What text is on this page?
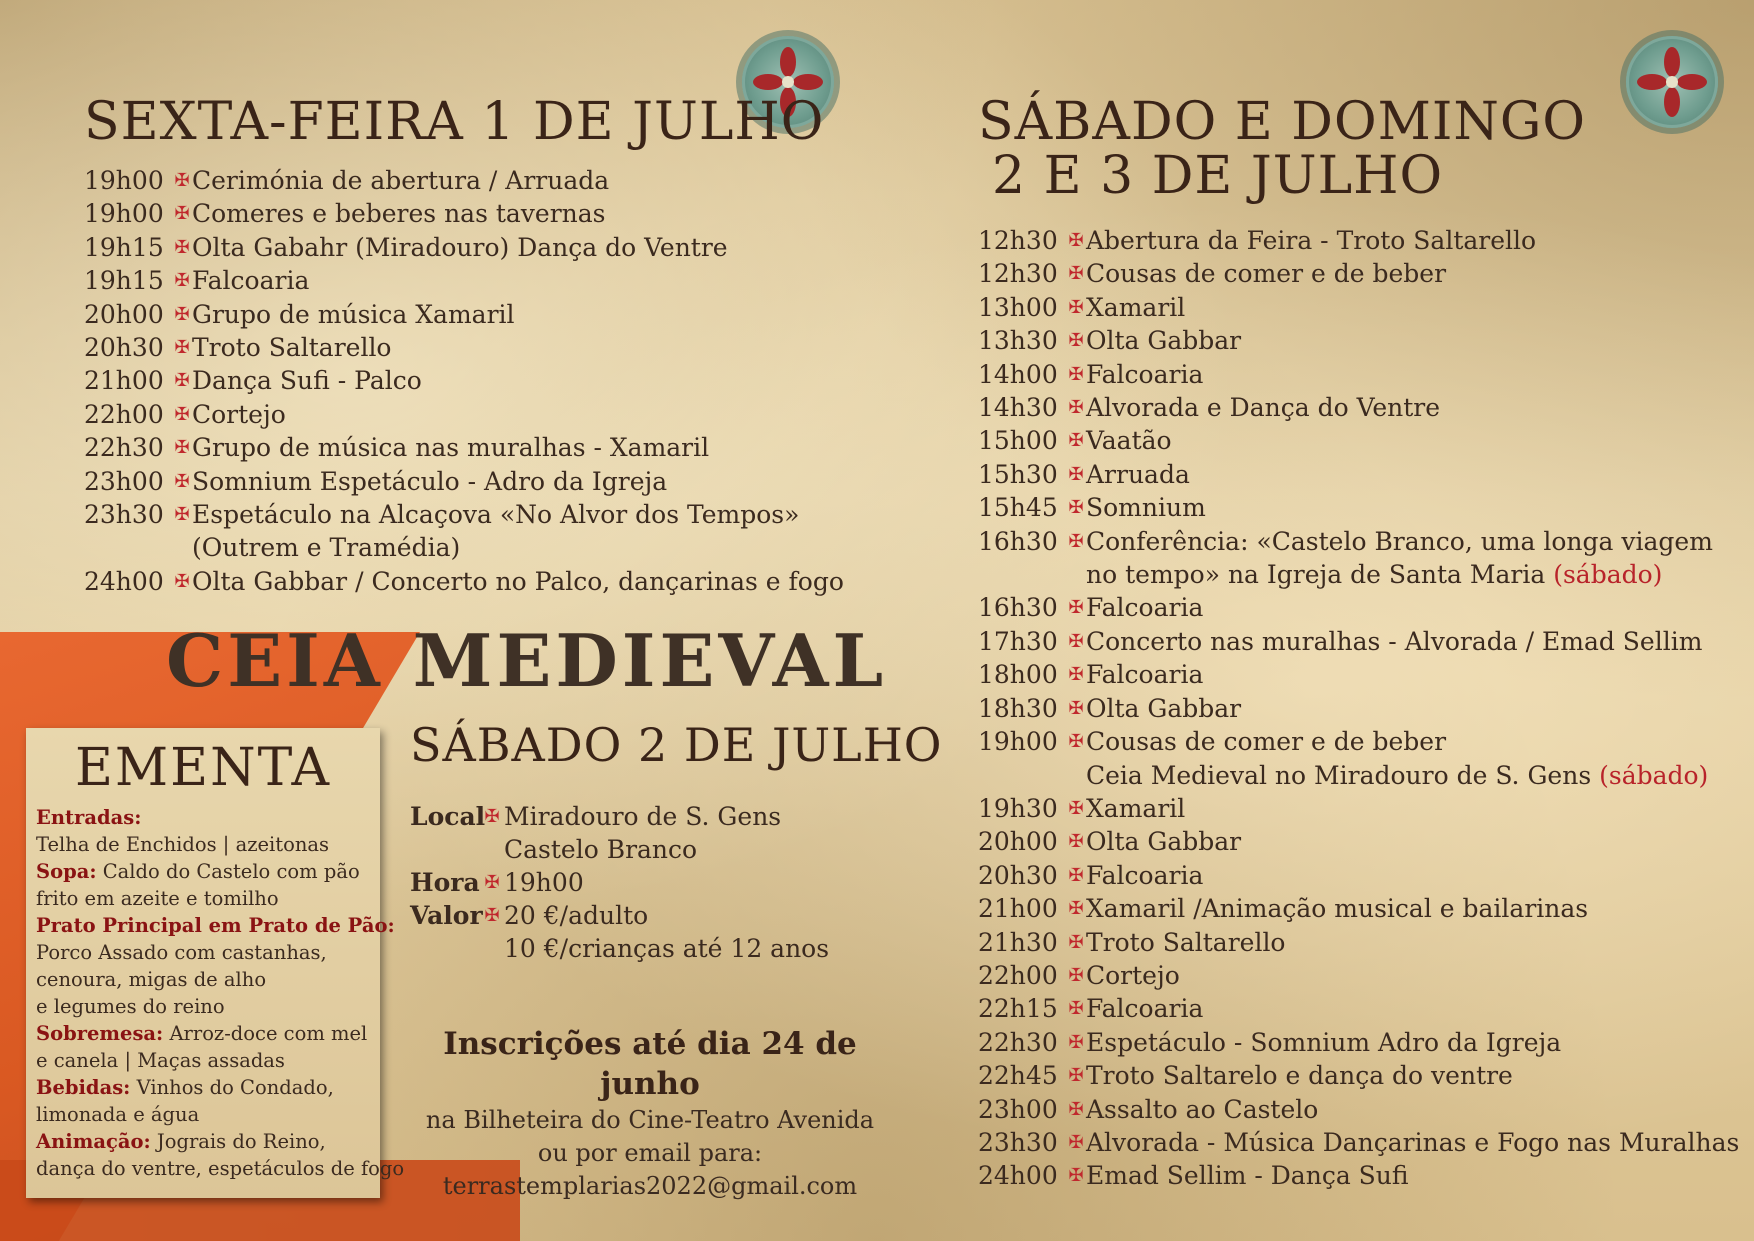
SEXTA-FEIRA 1 DE JULHO
19h00 ✠ Cerimónia de abertura / Arruada
19h00 ✠ Comeres e beberes nas tavernas
19h15 ✠ Olta Gabahr (Miradouro) Dança do Ventre
19h15 ✠ Falcoaria
20h00 ✠ Grupo de música Xamaril
20h30 ✠ Troto Saltarello
21h00 ✠ Dança Sufi - Palco
22h00 ✠ Cortejo
22h30 ✠ Grupo de música nas muralhas - Xamaril
23h00 ✠ Somnium Espetáculo - Adro da Igreja
23h30 ✠ Espetáculo na Alcaçova «No Alvor dos Tempos»
(Outrem e Tramédia)
24h00 ✠ Olta Gabbar / Concerto no Palco, dançarinas e fogo
SÁBADO E DOMINGO
2 E 3 DE JULHO
12h30 ✠ Abertura da Feira - Troto Saltarello
12h30 ✠ Cousas de comer e de beber
13h00 ✠ Xamaril
13h30 ✠ Olta Gabbar
14h00 ✠ Falcoaria
14h30 ✠ Alvorada e Dança do Ventre
15h00 ✠ Vaatão
15h30 ✠ Arruada
15h45 ✠ Somnium
16h30 ✠ Conferência: «Castelo Branco, uma longa viagem
no tempo» na Igreja de Santa Maria (sábado)
16h30 ✠ Falcoaria
17h30 ✠ Concerto nas muralhas - Alvorada / Emad Sellim
18h00 ✠ Falcoaria
18h30 ✠ Olta Gabbar
19h00 ✠ Cousas de comer e de beber
Ceia Medieval no Miradouro de S. Gens (sábado)
19h30 ✠ Xamaril
20h00 ✠ Olta Gabbar
20h30 ✠ Falcoaria
21h00 ✠ Xamaril /Animação musical e bailarinas
21h30 ✠ Troto Saltarello
22h00 ✠ Cortejo
22h15 ✠ Falcoaria
22h30 ✠ Espetáculo - Somnium Adro da Igreja
22h45 ✠ Troto Saltarelo e dança do ventre
23h00 ✠ Assalto ao Castelo
23h30 ✠ Alvorada - Música Dançarinas e Fogo nas Muralhas
24h00 ✠ Emad Sellim - Dança Sufi
CEIA MEDIEVAL
SÁBADO 2 DE JULHO
Local ✠ Miradouro de S. Gens
Castelo Branco
Hora ✠ 19h00
Valor ✠ 20 €/adulto
10 €/crianças até 12 anos
Inscrições até dia 24 de junho
na Bilheteira do Cine-Teatro Avenida
ou por email para:
terrastemplarias2022@gmail.com
EMENTA
Entradas:
Telha de Enchidos | azeitonas
Sopa: Caldo do Castelo com pão
frito em azeite e tomilho
Prato Principal em Prato de Pão:
Porco Assado com castanhas,
cenoura, migas de alho
e legumes do reino
Sobremesa: Arroz-doce com mel
e canela | Maças assadas
Bebidas: Vinhos do Condado,
limonada e água
Animação: Jograis do Reino,
dança do ventre, espetáculos de fogo
